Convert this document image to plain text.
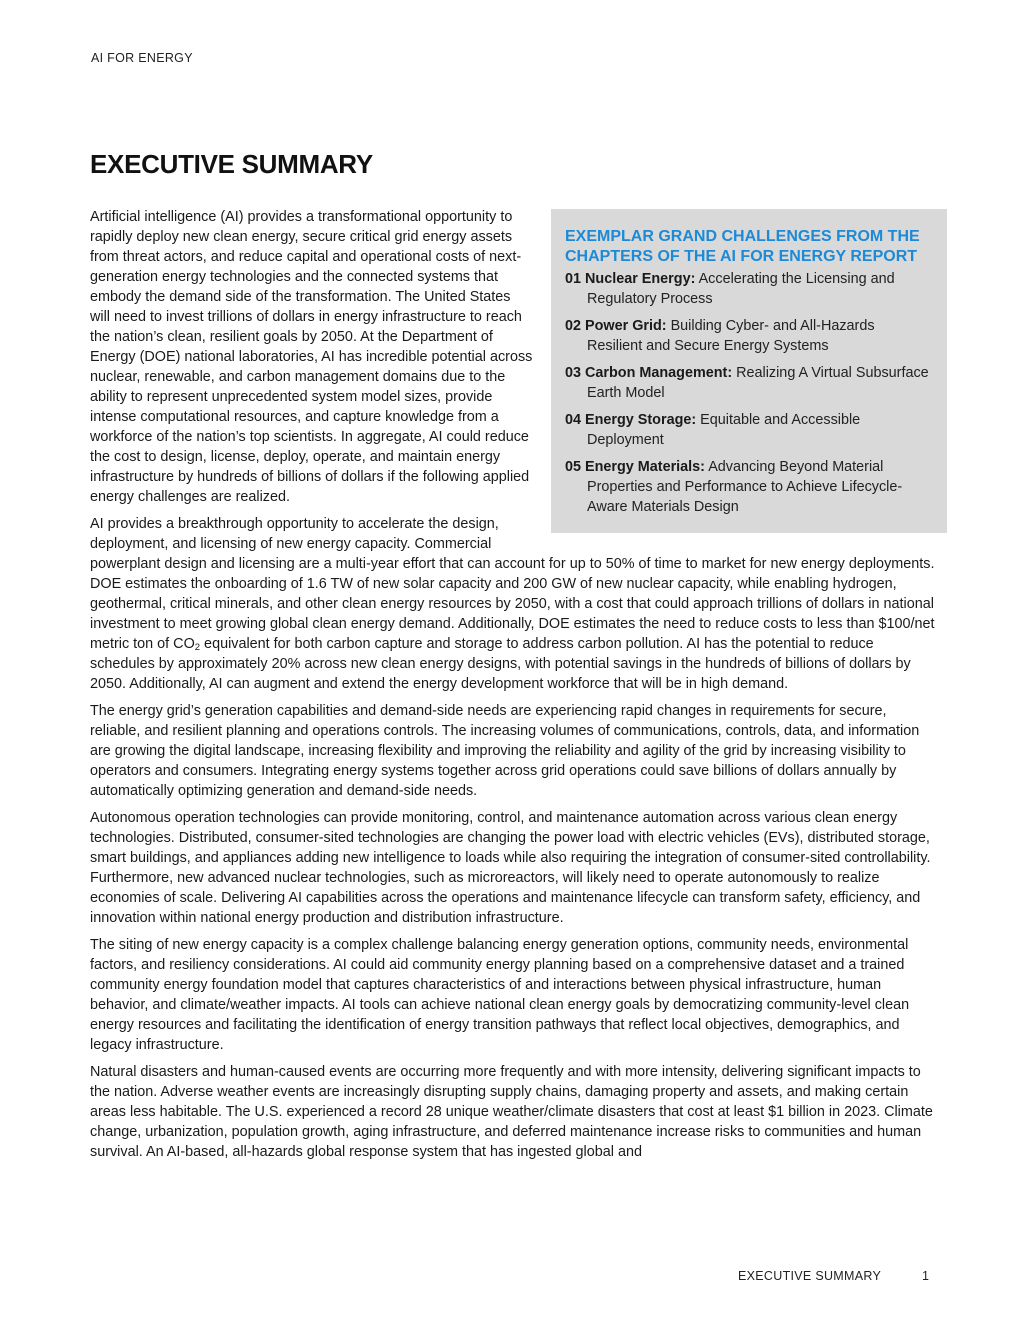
AI FOR ENERGY
EXECUTIVE SUMMARY
EXEMPLAR GRAND CHALLENGES FROM THE CHAPTERS OF THE AI FOR ENERGY REPORT
01 Nuclear Energy: Accelerating the Licensing and Regulatory Process
02 Power Grid: Building Cyber- and All-Hazards Resilient and Secure Energy Systems
03 Carbon Management: Realizing A Virtual Subsurface Earth Model
04 Energy Storage: Equitable and Accessible Deployment
05 Energy Materials: Advancing Beyond Material Properties and Performance to Achieve Lifecycle-Aware Materials Design

Artificial intelligence (AI) provides a transformational opportunity to rapidly deploy new clean energy, secure critical grid energy assets from threat actors, and reduce capital and operational costs of next-generation energy technologies and the connected systems that embody the demand side of the transformation. The United States will need to invest trillions of dollars in energy infrastructure to reach the nation’s clean, resilient goals by 2050. At the Department of Energy (DOE) national laboratories, AI has incredible potential across nuclear, renewable, and carbon management domains due to the ability to represent unprecedented system model sizes, provide intense computational resources, and capture knowledge from a workforce of the nation’s top scientists. In aggregate, AI could reduce the cost to design, license, deploy, operate, and maintain energy infrastructure by hundreds of billions of dollars if the following applied energy challenges are realized.

AI provides a breakthrough opportunity to accelerate the design, deployment, and licensing of new energy capacity. Commercial powerplant design and licensing are a multi-year effort that can account for up to 50% of time to market for new energy deployments. DOE estimates the onboarding of 1.6 TW of new solar capacity and 200 GW of new nuclear capacity, while enabling hydrogen, geothermal, critical minerals, and other clean energy resources by 2050, with a cost that could approach trillions of dollars in national investment to meet growing global clean energy demand. Additionally, DOE estimates the need to reduce costs to less than $100/net metric ton of $CO_2$ equivalent for both carbon capture and storage to address carbon pollution. AI has the potential to reduce schedules by approximately 20% across new clean energy designs, with potential savings in the hundreds of billions of dollars by 2050. Additionally, AI can augment and extend the energy development workforce that will be in high demand.

The energy grid’s generation capabilities and demand-side needs are experiencing rapid changes in requirements for secure, reliable, and resilient planning and operations controls. The increasing volumes of communications, controls, data, and information are growing the digital landscape, increasing flexibility and improving the reliability and agility of the grid by increasing visibility to operators and consumers. Integrating energy systems together across grid operations could save billions of dollars annually by automatically optimizing generation and demand-side needs.

Autonomous operation technologies can provide monitoring, control, and maintenance automation across various clean energy technologies. Distributed, consumer-sited technologies are changing the power load with electric vehicles (EVs), distributed storage, smart buildings, and appliances adding new intelligence to loads while also requiring the integration of consumer-sited controllability. Furthermore, new advanced nuclear technologies, such as microreactors, will likely need to operate autonomously to realize economies of scale. Delivering AI capabilities across the operations and maintenance lifecycle can transform safety, efficiency, and innovation within national energy production and distribution infrastructure.

The siting of new energy capacity is a complex challenge balancing energy generation options, community needs, environmental factors, and resiliency considerations. AI could aid community energy planning based on a comprehensive dataset and a trained community energy foundation model that captures characteristics of and interactions between physical infrastructure, human behavior, and climate/weather impacts. AI tools can achieve national clean energy goals by democratizing community-level clean energy resources and facilitating the identification of energy transition pathways that reflect local objectives, demographics, and legacy infrastructure.

Natural disasters and human-caused events are occurring more frequently and with more intensity, delivering significant impacts to the nation. Adverse weather events are increasingly disrupting supply chains, damaging property and assets, and making certain areas less habitable. The U.S. experienced a record 28 unique weather/climate disasters that cost at least $1 billion in 2023. Climate change, urbanization, population growth, aging infrastructure, and deferred maintenance increase risks to communities and human survival. An AI-based, all-hazards global response system that has ingested global and

EXECUTIVE SUMMARY	1
